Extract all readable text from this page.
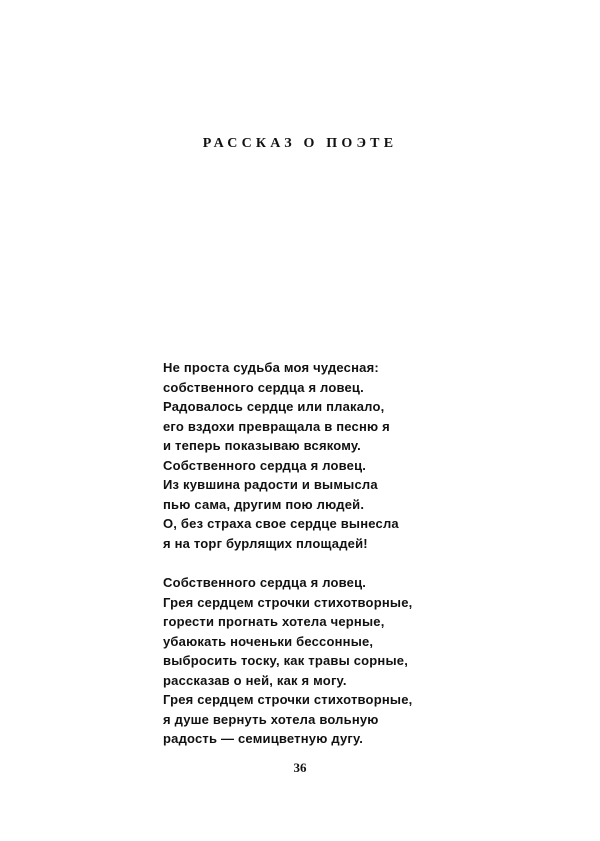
РАССКАЗ О ПОЭТЕ
Не проста судьба моя чудесная:
собственного сердца я ловец.
Радовалось сердце или плакало,
его вздохи превращала в песню я
и теперь показываю всякому.
Собственного сердца я ловец.
Из кувшина радости и вымысла
пью сама, другим пою людей.
О, без страха свое сердце вынесла
я на торг бурлящих площадей!
Собственного сердца я ловец.
Грея сердцем строчки стихотворные,
горести прогнать хотела черные,
убаюкать ноченьки бессонные,
выбросить тоску, как травы сорные,
рассказав о ней, как я могу.
Грея сердцем строчки стихотворные,
я душе вернуть хотела вольную
радость — семицветную дугу.
36
